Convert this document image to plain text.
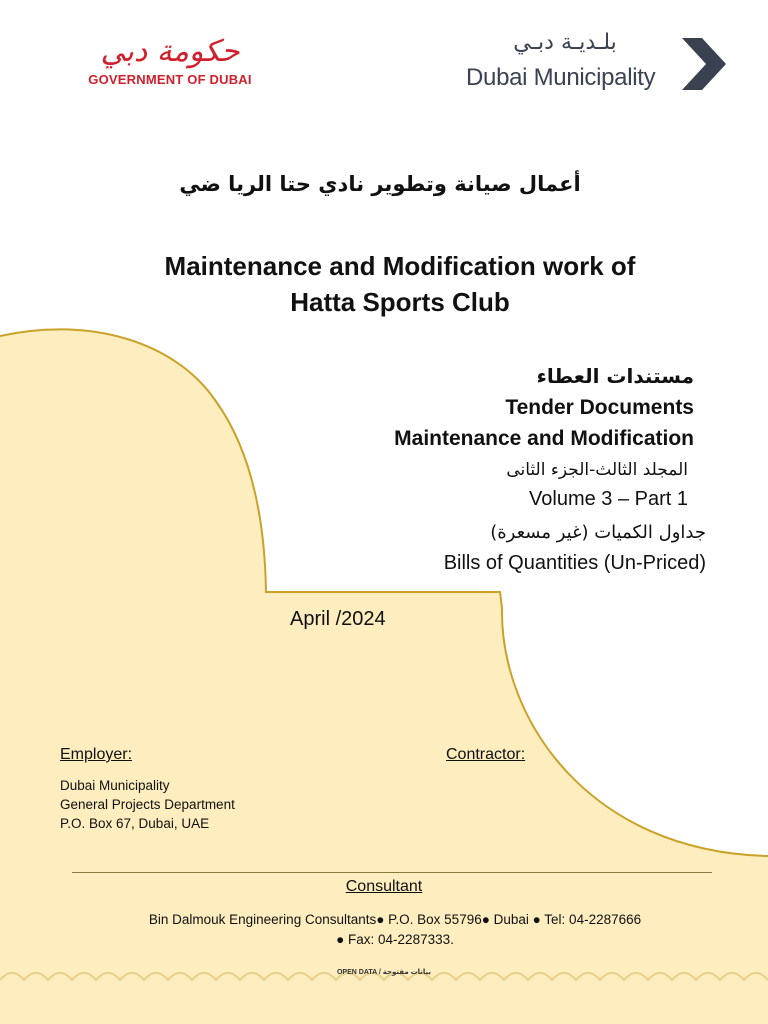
حكومة دبي
GOVERNMENT OF DUBAI
بلـديـة دبـي
Dubai Municipality
أعمال صيانة وتطوير نادي حتا الريا ضي
Maintenance and Modification work of
Hatta Sports Club
مستندات العطاء
Tender Documents
Maintenance and Modification
المجلد الثالث-الجزء الثانى
Volume 3 – Part 1
جداول الكميات (غير مسعرة)
Bills of Quantities (Un-Priced)
April /2024
Employer:	Contractor:
Dubai Municipality
General Projects Department
P.O. Box 67, Dubai, UAE
Consultant
Bin Dalmouk Engineering Consultants● P.O. Box 55796● Dubai ● Tel: 04-2287666
● Fax: 04-2287333.
OPEN DATA / بيانات مفتوحة
